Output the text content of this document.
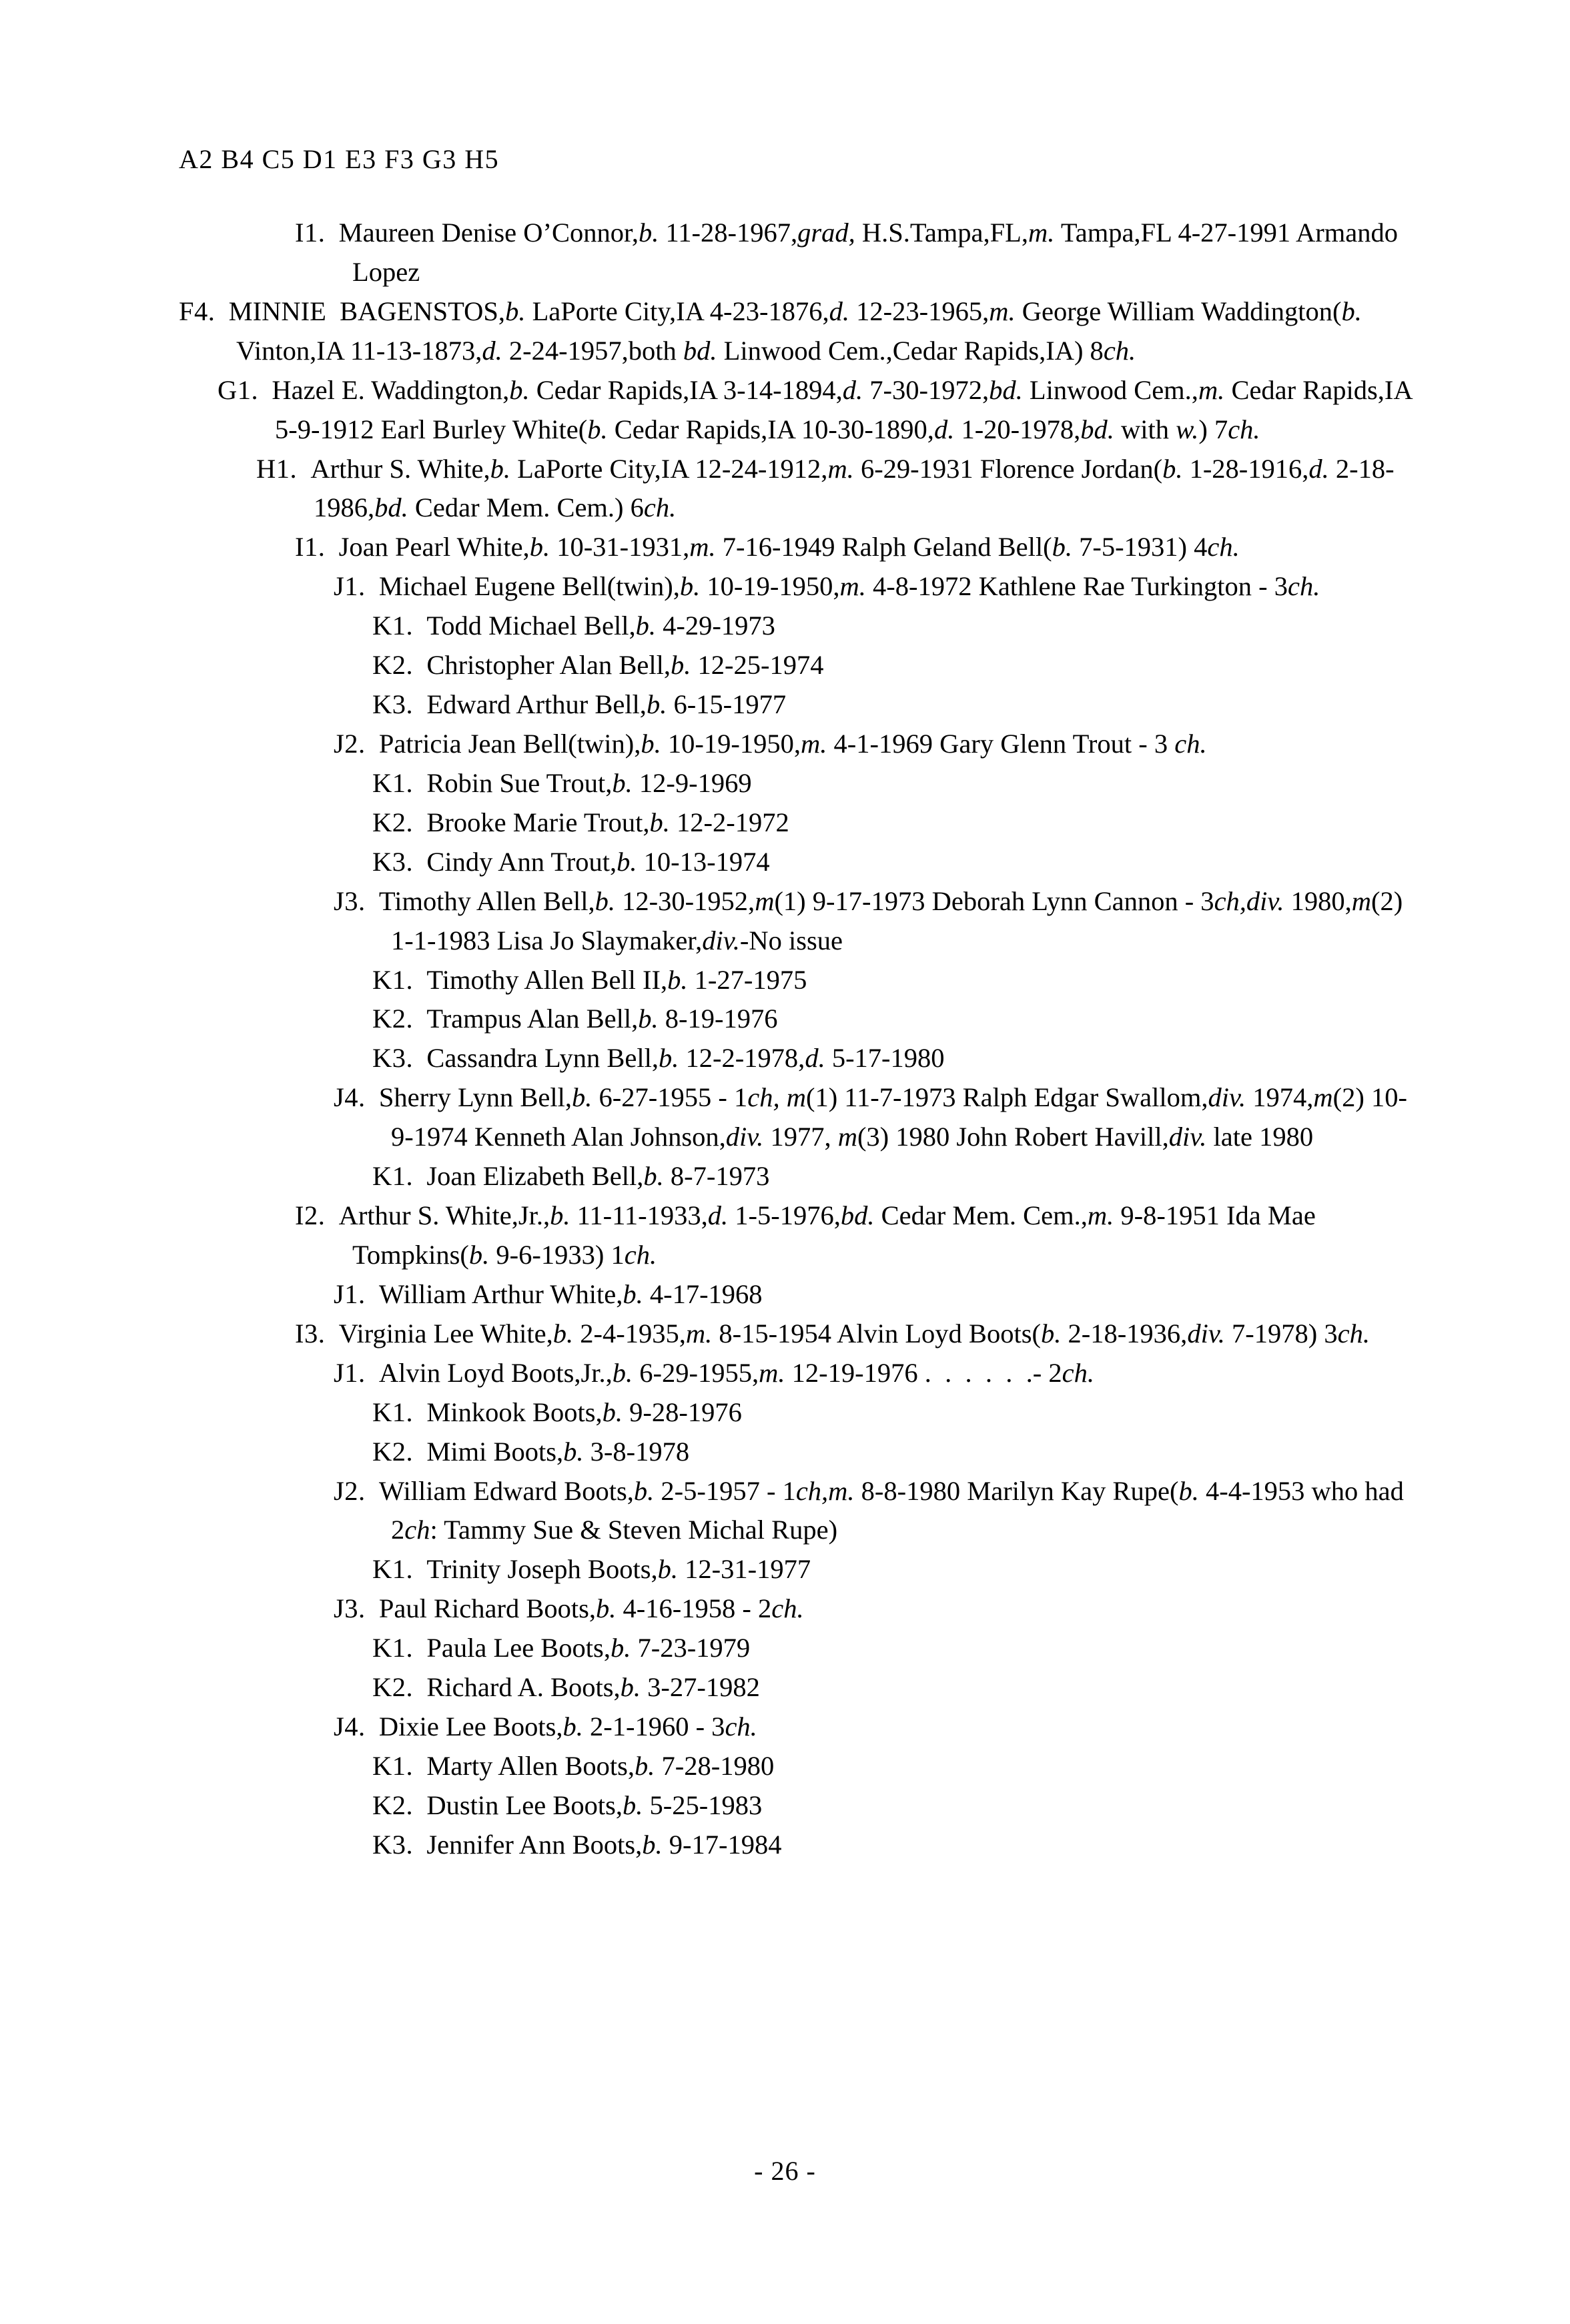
A2 B4 C5 D1 E3 F3 G3 H5

I1.  Maureen Denise O’Connor,b. 11-28-1967,grad, H.S.Tampa,FL,m. Tampa,FL 4-27-1991 Armando Lopez

F4.  MINNIE  BAGENSTOS,b. LaPorte City,IA 4-23-1876,d. 12-23-1965,m. George William Waddington(b. Vinton,IA 11-13-1873,d. 2-24-1957,both bd. Linwood Cem.,Cedar Rapids,IA) 8ch.

G1.  Hazel E. Waddington,b. Cedar Rapids,IA 3-14-1894,d. 7-30-1972,bd. Linwood Cem.,m. Cedar Rapids,IA 5-9-1912 Earl Burley White(b. Cedar Rapids,IA 10-30-1890,d. 1-20-1978,bd. with w.) 7ch.

H1.  Arthur S. White,b. LaPorte City,IA 12-24-1912,m. 6-29-1931 Florence Jordan(b. 1-28-1916,d. 2-18-1986,bd. Cedar Mem. Cem.) 6ch.

I1.  Joan Pearl White,b. 10-31-1931,m. 7-16-1949 Ralph Geland Bell(b. 7-5-1931) 4ch.

J1.  Michael Eugene Bell(twin),b. 10-19-1950,m. 4-8-1972 Kathlene Rae Turkington - 3ch.

K1.  Todd Michael Bell,b. 4-29-1973

K2.  Christopher Alan Bell,b. 12-25-1974

K3.  Edward Arthur Bell,b. 6-15-1977

J2.  Patricia Jean Bell(twin),b. 10-19-1950,m. 4-1-1969 Gary Glenn Trout - 3 ch.

K1.  Robin Sue Trout,b. 12-9-1969

K2.  Brooke Marie Trout,b. 12-2-1972

K3.  Cindy Ann Trout,b. 10-13-1974

J3.  Timothy Allen Bell,b. 12-30-1952,m(1) 9-17-1973 Deborah Lynn Cannon - 3ch,div. 1980,m(2) 1-1-1983 Lisa Jo Slaymaker,div.-No issue

K1.  Timothy Allen Bell II,b. 1-27-1975

K2.  Trampus Alan Bell,b. 8-19-1976

K3.  Cassandra Lynn Bell,b. 12-2-1978,d. 5-17-1980

J4.  Sherry Lynn Bell,b. 6-27-1955 - 1ch, m(1) 11-7-1973 Ralph Edgar Swallom,div. 1974,m(2) 10-9-1974 Kenneth Alan Johnson,div. 1977, m(3) 1980 John Robert Havill,div. late 1980

K1.  Joan Elizabeth Bell,b. 8-7-1973

I2.  Arthur S. White,Jr.,b. 11-11-1933,d. 1-5-1976,bd. Cedar Mem. Cem.,m. 9-8-1951 Ida Mae Tompkins(b. 9-6-1933) 1ch.

J1.  William Arthur White,b. 4-17-1968

I3.  Virginia Lee White,b. 2-4-1935,m. 8-15-1954 Alvin Loyd Boots(b. 2-18-1936,div. 7-1978) 3ch.

J1.  Alvin Loyd Boots,Jr.,b. 6-29-1955,m. 12-19-1976 .  .  .  .  .  .- 2ch.

K1.  Minkook Boots,b. 9-28-1976

K2.  Mimi Boots,b. 3-8-1978

J2.  William Edward Boots,b. 2-5-1957 - 1ch,m. 8-8-1980 Marilyn Kay Rupe(b. 4-4-1953 who had 2ch: Tammy Sue & Steven Michal Rupe)

K1.  Trinity Joseph Boots,b. 12-31-1977

J3.  Paul Richard Boots,b. 4-16-1958 - 2ch.

K1.  Paula Lee Boots,b. 7-23-1979

K2.  Richard A. Boots,b. 3-27-1982

J4.  Dixie Lee Boots,b. 2-1-1960 - 3ch.

K1.  Marty Allen Boots,b. 7-28-1980

K2.  Dustin Lee Boots,b. 5-25-1983

K3.  Jennifer Ann Boots,b. 9-17-1984

- 26 -
